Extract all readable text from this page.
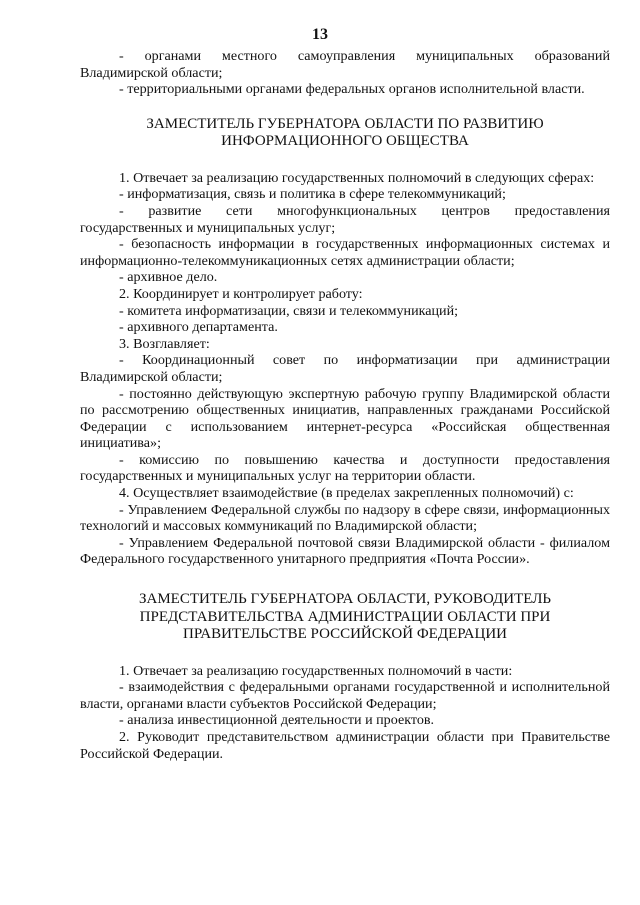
13

- органами местного самоуправления муниципальных образований Владимирской области;

- территориальными органами федеральных органов исполнительной власти.

ЗАМЕСТИТЕЛЬ ГУБЕРНАТОРА ОБЛАСТИ ПО РАЗВИТИЮ
ИНФОРМАЦИОННОГО ОБЩЕСТВА

1. Отвечает за реализацию государственных полномочий в следующих сферах:

- информатизация, связь и политика в сфере телекоммуникаций;

- развитие сети многофункциональных центров предоставления государственных и муниципальных услуг;

- безопасность информации в государственных информационных системах и информационно-телекоммуникационных сетях администрации области;

- архивное дело.

2. Координирует и контролирует работу:

- комитета информатизации, связи и телекоммуникаций;

- архивного департамента.

3. Возглавляет:

- Координационный совет по информатизации при администрации Владимирской области;

- постоянно действующую экспертную рабочую группу Владимирской области по рассмотрению общественных инициатив, направленных гражданами Российской Федерации с использованием интернет-ресурса «Российская общественная инициатива»;

- комиссию по повышению качества и доступности предоставления государственных и муниципальных услуг на территории области.

4. Осуществляет взаимодействие (в пределах закрепленных полномочий) с:

- Управлением Федеральной службы по надзору в сфере связи, информационных технологий и массовых коммуникаций по Владимирской области;

- Управлением Федеральной почтовой связи Владимирской области - филиалом Федерального государственного унитарного предприятия «Почта России».

ЗАМЕСТИТЕЛЬ ГУБЕРНАТОРА ОБЛАСТИ, РУКОВОДИТЕЛЬ
ПРЕДСТАВИТЕЛЬСТВА АДМИНИСТРАЦИИ ОБЛАСТИ ПРИ
ПРАВИТЕЛЬСТВЕ РОССИЙСКОЙ ФЕДЕРАЦИИ

1. Отвечает за реализацию государственных полномочий в части:

- взаимодействия с федеральными органами государственной и исполнительной власти, органами власти субъектов Российской Федерации;

- анализа инвестиционной деятельности и проектов.

2. Руководит представительством администрации области при Правительстве Российской Федерации.
